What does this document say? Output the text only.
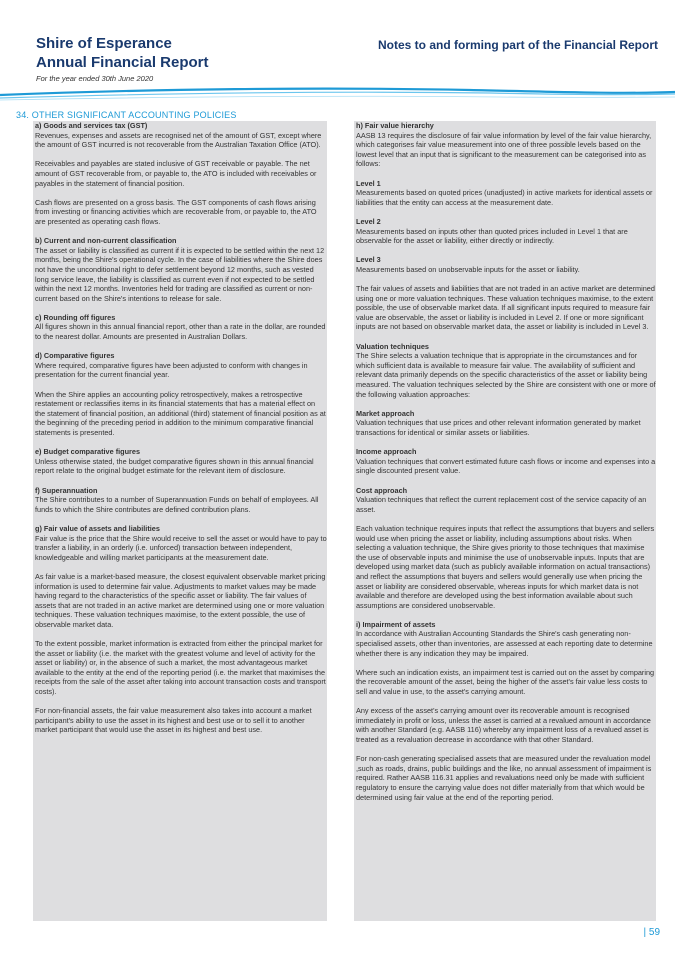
Shire of Esperance
Annual Financial Report
For the year ended 30th June 2020
Notes to and forming part of the Financial Report
34. OTHER SIGNIFICANT ACCOUNTING POLICIES

a) Goods and services tax (GST)

Revenues, expenses and assets are recognised net of the amount of GST, except where the amount of GST incurred is not recoverable from the Australian Taxation Office (ATO).

Receivables and payables are stated inclusive of GST receivable or payable. The net amount of GST recoverable from, or payable to, the ATO is included with receivables or payables in the statement of financial position.

Cash flows are presented on a gross basis. The GST components of cash flows arising from investing or financing activities which are recoverable from, or payable to, the ATO are presented as operating cash flows.

b) Current and non-current classification

The asset or liability is classified as current if it is expected to be settled within the next 12 months, being the Shire's operational cycle. In the case of liabilities where the Shire does not have the unconditional right to defer settlement beyond 12 months, such as vested long service leave, the liability is classified as current even if not expected to be settled within the next 12 months. Inventories held for trading are classified as current or non-current based on the Shire's intentions to release for sale.

c) Rounding off figures

All figures shown in this annual financial report, other than a rate in the dollar, are rounded to the nearest dollar. Amounts are presented in Australian Dollars.

d) Comparative figures

Where required, comparative figures have been adjusted to conform with changes in presentation for the current financial year.

When the Shire applies an accounting policy retrospectively, makes a retrospective restatement or reclassifies items in its financial statements that has a material effect on the statement of financial position, an additional (third) statement of financial position as at the beginning of the preceding period in addition to the minimum comparative financial statements is presented.

e) Budget comparative figures

Unless otherwise stated, the budget comparative figures shown in this annual financial report relate to the original budget estimate for the relevant item of disclosure.

f) Superannuation

The Shire contributes to a number of Superannuation Funds on behalf of employees. All funds to which the Shire contributes are defined contribution plans.

g) Fair value of assets and liabilities

Fair value is the price that the Shire would receive to sell the asset or would have to pay to transfer a liability, in an orderly (i.e. unforced) transaction between independent, knowledgeable and willing market participants at the measurement date.

As fair value is a market-based measure, the closest equivalent observable market pricing information is used to determine fair value. Adjustments to market values may be made having regard to the characteristics of the specific asset or liability. The fair values of assets that are not traded in an active market are determined using one or more valuation techniques. These valuation techniques maximise, to the extent possible, the use of observable market data.

To the extent possible, market information is extracted from either the principal market for the asset or liability (i.e. the market with the greatest volume and level of activity for the asset or liability) or, in the absence of such a market, the most advantageous market available to the entity at the end of the reporting period (i.e. the market that maximises the receipts from the sale of the asset after taking into account transaction costs and transport costs).

For non-financial assets, the fair value measurement also takes into account a market participant's ability to use the asset in its highest and best use or to sell it to another market participant that would use the asset in its highest and best use.

h) Fair value hierarchy

AASB 13 requires the disclosure of fair value information by level of the fair value hierarchy, which categorises fair value measurement into one of three possible levels based on the lowest level that an input that is significant to the measurement can be categorised into as follows:

Level 1

Measurements based on quoted prices (unadjusted) in active markets for identical assets or liabilities that the entity can access at the measurement date.

Level 2

Measurements based on inputs other than quoted prices included in Level 1 that are observable for the asset or liability, either directly or indirectly.

Level 3

Measurements based on unobservable inputs for the asset or liability.

The fair values of assets and liabilities that are not traded in an active market are determined using one or more valuation techniques. These valuation techniques maximise, to the extent possible, the use of observable market data. If all significant inputs required to measure fair value are observable, the asset or liability is included in Level 2. If one or more significant inputs are not based on observable market data, the asset or liability is included in Level 3.

Valuation techniques

The Shire selects a valuation technique that is appropriate in the circumstances and for which sufficient data is available to measure fair value. The availability of sufficient and relevant data primarily depends on the specific characteristics of the asset or liability being measured. The valuation techniques selected by the Shire are consistent with one or more of the following valuation approaches:

Market approach

Valuation techniques that use prices and other relevant information generated by market transactions for identical or similar assets or liabilities.

Income approach

Valuation techniques that convert estimated future cash flows or income and expenses into a single discounted present value.

Cost approach

Valuation techniques that reflect the current replacement cost of the service capacity of an asset.

Each valuation technique requires inputs that reflect the assumptions that buyers and sellers would use when pricing the asset or liability, including assumptions about risks. When selecting a valuation technique, the Shire gives priority to those techniques that maximise the use of observable inputs and minimise the use of unobservable inputs. Inputs that are developed using market data (such as publicly available information on actual transactions) and reflect the assumptions that buyers and sellers would generally use when pricing the asset or liability are considered observable, whereas inputs for which market data is not available and therefore are developed using the best information available about such assumptions are considered unobservable.

i) Impairment of assets

In accordance with Australian Accounting Standards the Shire's cash generating non-specialised assets, other than inventories, are assessed at each reporting date to determine whether there is any indication they may be impaired.

Where such an indication exists, an impairment test is carried out on the asset by comparing the recoverable amount of the asset, being the higher of the asset's fair value less costs to sell and value in use, to the asset's carrying amount.

Any excess of the asset's carrying amount over its recoverable amount is recognised immediately in profit or loss, unless the asset is carried at a revalued amount in accordance with another Standard (e.g. AASB 116) whereby any impairment loss of a revalued asset is treated as a revaluation decrease in accordance with that other Standard.

For non-cash generating specialised assets that are measured under the revaluation model ,such as roads, drains, public buildings and the like, no annual assessment of impairment is required. Rather AASB 116.31 applies and revaluations need only be made with sufficient regulatory to ensure the carrying value does not differ materially from that which would be determined using fair value at the end of the reporting period.

| 59
